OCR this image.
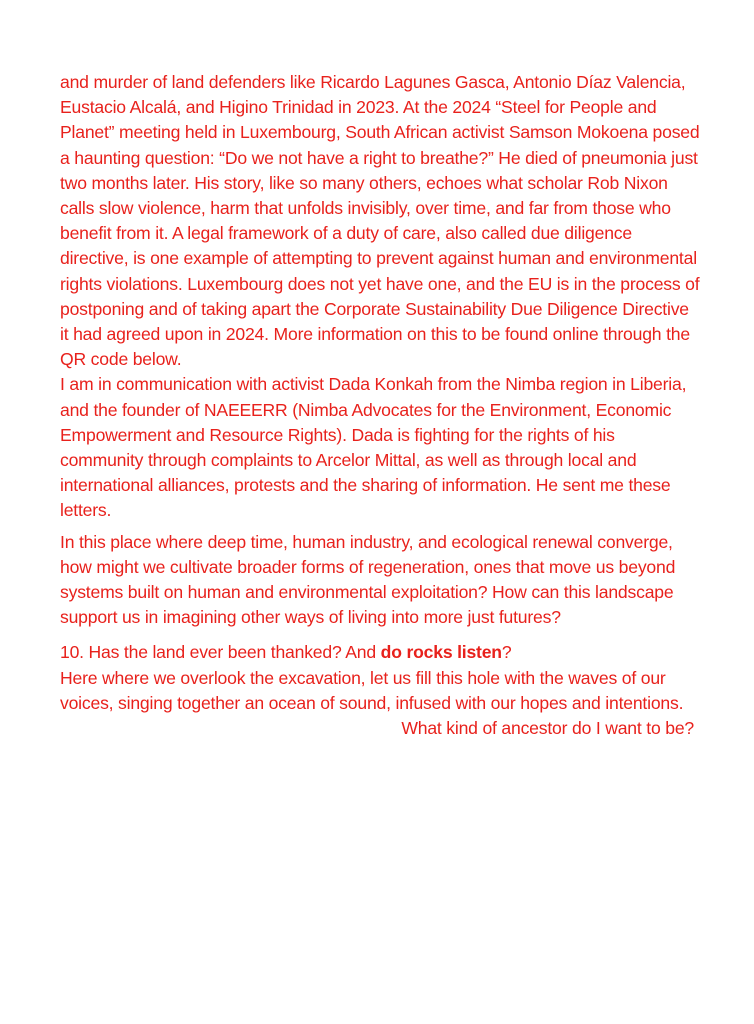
and murder of land defenders like Ricardo Lagunes Gasca, Antonio Díaz Valencia, Eustacio Alcalá, and Higino Trinidad in 2023. At the 2024 “Steel for People and Planet” meeting held in Luxembourg, South African activist Samson Mokoena posed a haunting question: “Do we not have a right to breathe?” He died of pneumonia just two months later. His story, like so many others, echoes what scholar Rob Nixon calls slow violence, harm that unfolds invisibly, over time, and far from those who benefit from it. A legal framework of a duty of care, also called due diligence directive, is one example of attempting to prevent against human and environmental rights violations. Luxembourg does not yet have one, and the EU is in the process of postponing and of taking apart the Corporate Sustainability Due Diligence Directive it had agreed upon in 2024. More information on this to be found online through the QR code below.

I am in communication with activist Dada Konkah from the Nimba region in Liberia, and the founder of NAEEERR (Nimba Advocates for the Environment, Economic Empowerment and Resource Rights). Dada is fighting for the rights of his community through complaints to Arcelor Mittal, as well as through local and international alliances, protests and the sharing of information. He sent me these letters.

In this place where deep time, human industry, and ecological renewal converge, how might we cultivate broader forms of regeneration, ones that move us beyond systems built on human and environmental exploitation? How can this landscape support us in imagining other ways of living into more just futures?

10. Has the land ever been thanked? And do rocks listen?

Here where we overlook the excavation, let us fill this hole with the waves of our voices, singing together an ocean of sound, infused with our hopes and intentions.

What kind of ancestor do I want to be?
